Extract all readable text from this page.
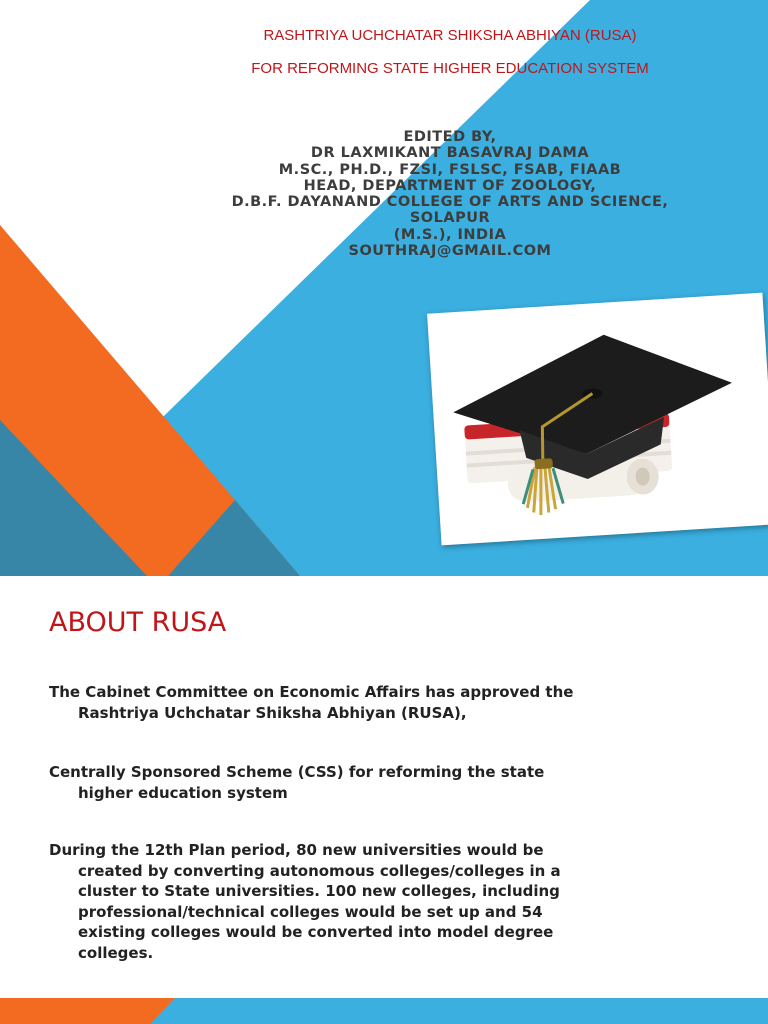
RASHTRIYA UCHCHATAR SHIKSHA ABHIYAN (RUSA)
FOR REFORMING STATE HIGHER EDUCATION SYSTEM
EDITED BY,
DR LAXMIKANT BASAVRAJ DAMA
M.SC., PH.D., FZSI, FSLSC, FSAB, FIAAB
HEAD, DEPARTMENT OF ZOOLOGY,
D.B.F. DAYANAND COLLEGE OF ARTS AND SCIENCE,
SOLAPUR
(M.S.), INDIA
SOUTHRAJ@GMAIL.COM
ABOUT RUSA
The Cabinet Committee on Economic Affairs has approved the
Rashtriya Uchchatar Shiksha Abhiyan (RUSA),
Centrally Sponsored Scheme (CSS) for reforming the state
higher education system
During the 12th Plan period, 80 new universities would be
created by converting autonomous colleges/colleges in a
cluster to State universities. 100 new colleges, including
professional/technical colleges would be set up and 54
existing colleges would be converted into model degree
colleges.
